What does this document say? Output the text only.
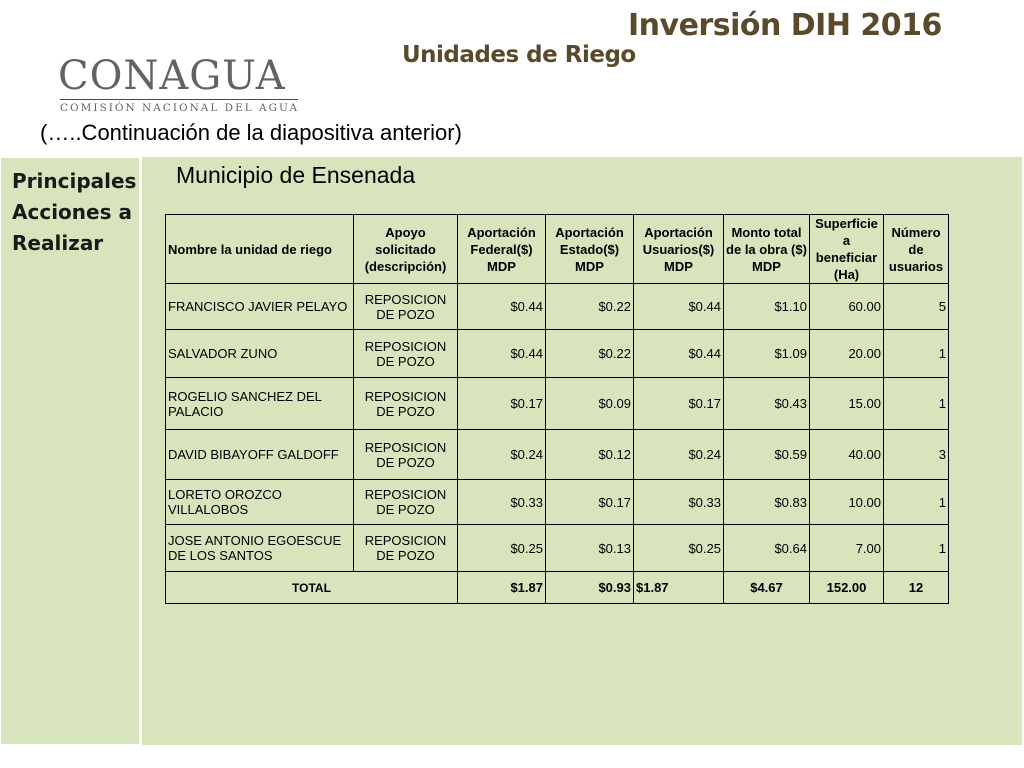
Inversión DIH 2016
Unidades de Riego
CONAGUA
COMISIÓN NACIONAL DEL AGUA
(…..Continuación de la diapositiva anterior)
Principales Acciones a Realizar
Municipio de Ensenada
Nombre la unidad de riego	Apoyo solicitado (descripción)	Aportación Federal($) MDP	Aportación Estado($) MDP	Aportación Usuarios($) MDP	Monto total de la obra ($) MDP	Superficie a beneficiar (Ha)	Número de usuarios
FRANCISCO JAVIER PELAYO	REPOSICION DE POZO	$0.44	$0.22	$0.44	$1.10	60.00	5
SALVADOR ZUNO	REPOSICION DE POZO	$0.44	$0.22	$0.44	$1.09	20.00	1
ROGELIO SANCHEZ DEL PALACIO	REPOSICION DE POZO	$0.17	$0.09	$0.17	$0.43	15.00	1
DAVID BIBAYOFF GALDOFF	REPOSICION DE POZO	$0.24	$0.12	$0.24	$0.59	40.00	3
LORETO OROZCO VILLALOBOS	REPOSICION DE POZO	$0.33	$0.17	$0.33	$0.83	10.00	1
JOSE ANTONIO EGOESCUE DE LOS SANTOS	REPOSICION DE POZO	$0.25	$0.13	$0.25	$0.64	7.00	1
TOTAL		$1.87	$0.93	$1.87	$4.67	152.00	12
